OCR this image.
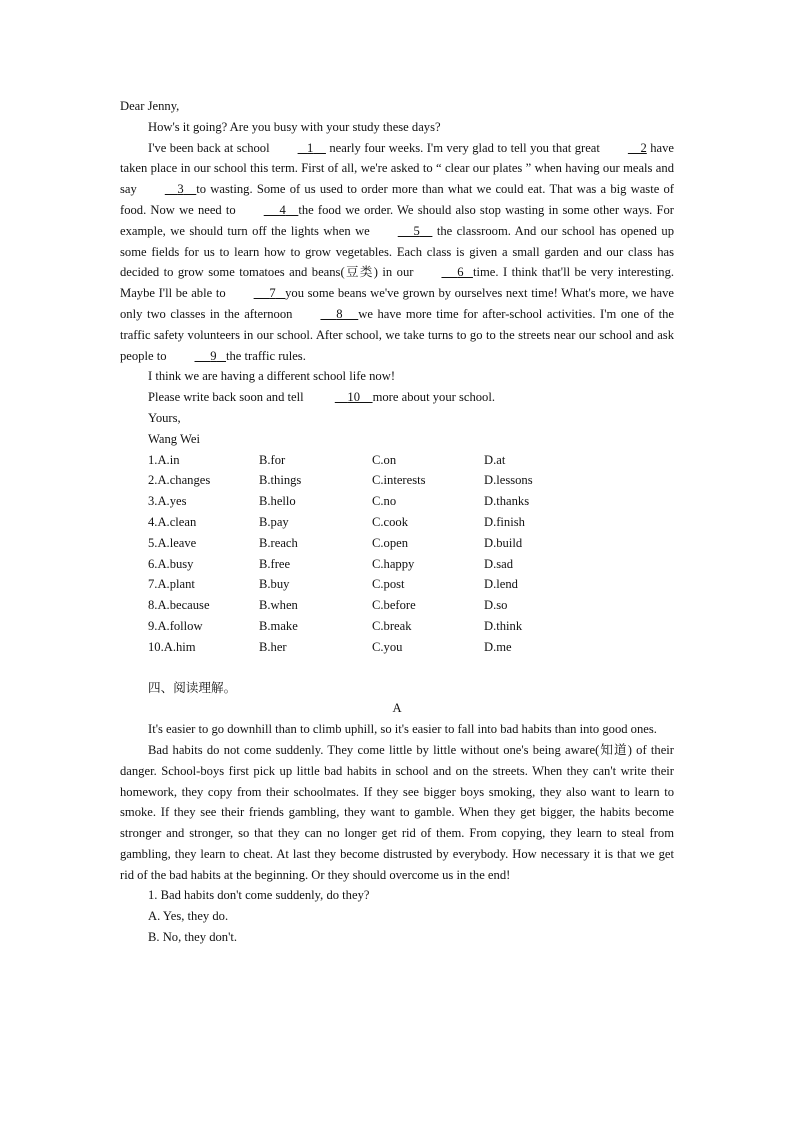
Dear Jenny,

How's it going? Are you busy with your study these days?

I've been back at school	1 nearly four weeks. I'm very glad to tell you that great	2 have taken place in our school this term. First of all, we're asked to “ clear our plates ” when having our meals and say	3 to wasting. Some of us used to order more than what we could eat. That was a big waste of food. Now we need to	4 the food we order. We should also stop wasting in some other ways. For example, we should turn off the lights when we	5 the classroom. And our school has opened up some fields for us to learn how to grow vegetables. Each class is given a small garden and our class has decided to grow some tomatoes and beans(豆类) in our	6 time. I think that'll be very interesting. Maybe I'll be able to	7 you some beans we've grown by ourselves next time! What's more, we have only two classes in the afternoon	8 we have more time for after-school activities. I'm one of the traffic safety volunteers in our school. After school, we take turns to go to the streets near our school and ask people to	9 the traffic rules.

I think we are having a different school life now!

Please write back soon and tell	10 more about your school.

Yours,

Wang Wei

1.A.in	B.for	C.on	D.at
2.A.changes	B.things	C.interests	D.lessons
3.A.yes	B.hello	C.no	D.thanks
4.A.clean	B.pay	C.cook	D.finish
5.A.leave	B.reach	C.open	D.build
6.A.busy	B.free	C.happy	D.sad
7.A.plant	B.buy	C.post	D.lend
8.A.because	B.when	C.before	D.so
9.A.follow	B.make	C.break	D.think
10.A.him	B.her	C.you	D.me

四、阅读理解。

A

It's easier to go downhill than to climb uphill, so it's easier to fall into bad habits than into good ones.

Bad habits do not come suddenly. They come little by little without one's being aware(知道) of their danger. School-boys first pick up little bad habits in school and on the streets. When they can't write their homework, they copy from their schoolmates. If they see bigger boys smoking, they also want to learn to smoke. If they see their friends gambling, they want to gamble. When they get bigger, the habits become stronger and stronger, so that they can no longer get rid of them. From copying, they learn to steal from gambling, they learn to cheat. At last they become distrusted by everybody. How necessary it is that we get rid of the bad habits at the beginning. Or they should overcome us in the end!

1. Bad habits don't come suddenly, do they?

A. Yes, they do.

B. No, they don't.
